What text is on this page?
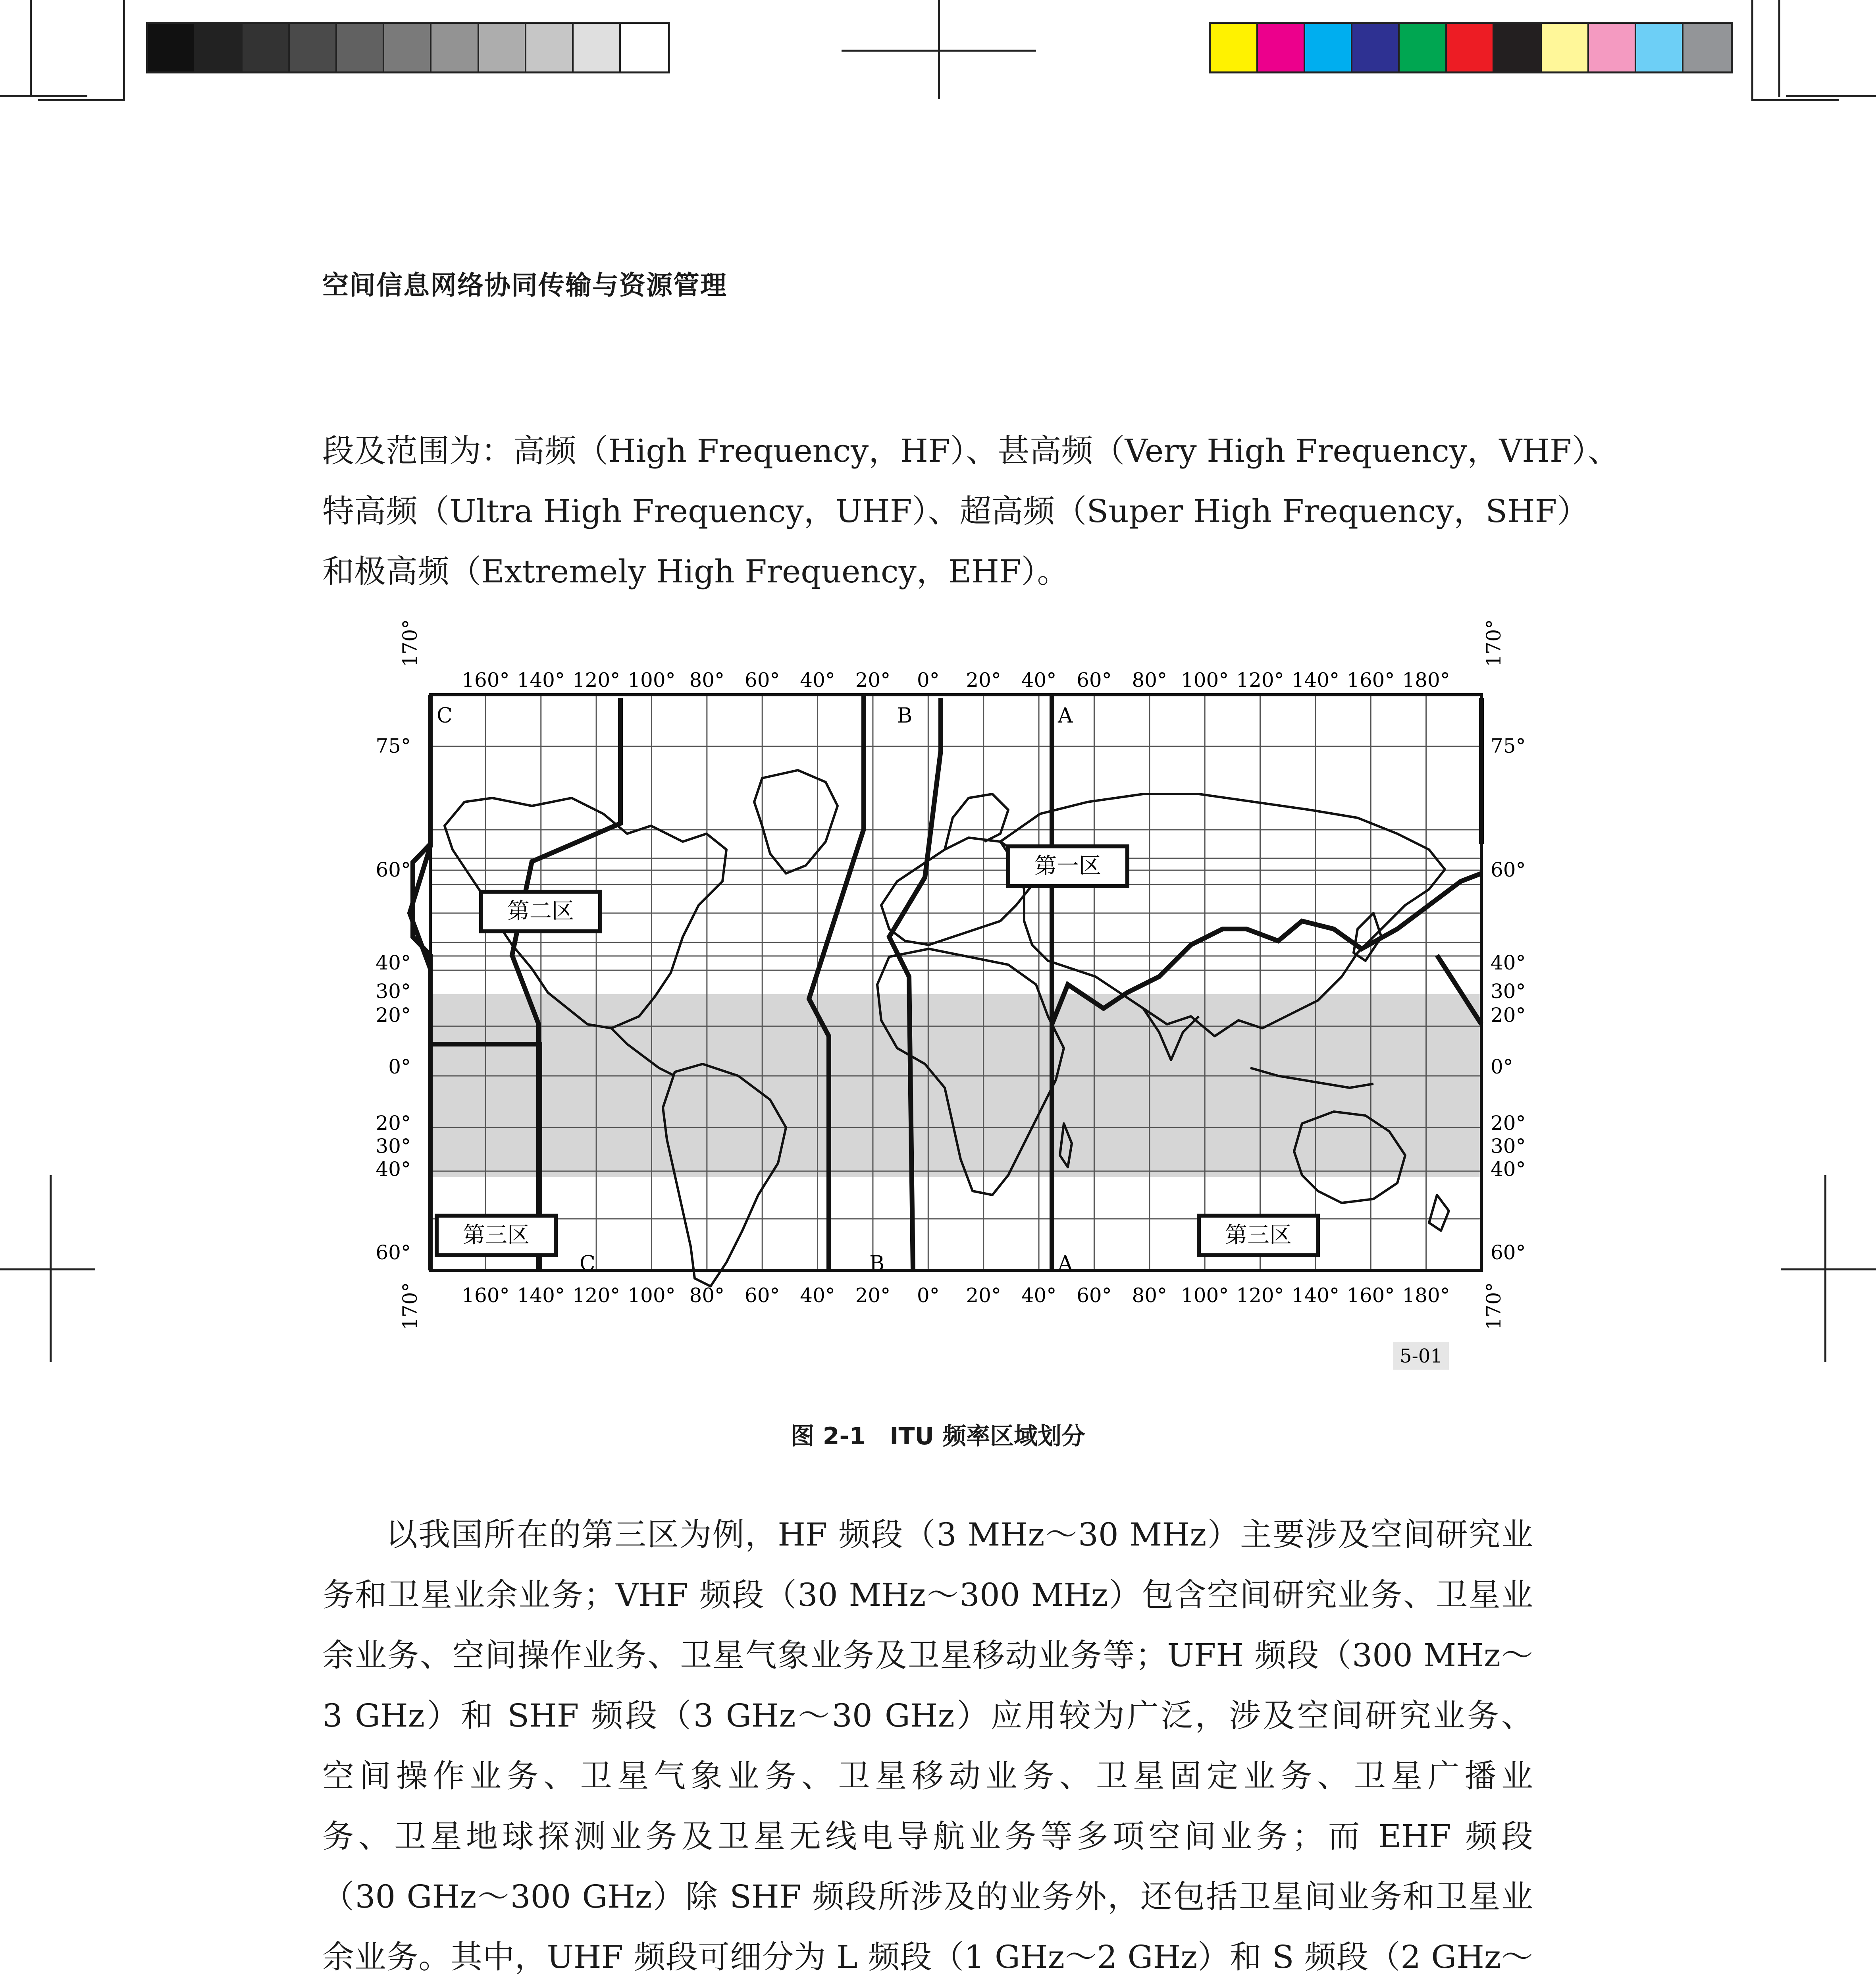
空间信息网络协同传输与资源管理
段及范围为：高频（High Frequency，HF）、甚高频（Very High Frequency，VHF）、
特高频（Ultra High Frequency，UHF）、超高频（Super High Frequency，SHF）
和极高频（Extremely High Frequency，EHF）。
160° 140° 120° 100° 80° 60° 40° 20° 0° 20° 40° 60° 80° 100° 120° 140° 160° 180°
160° 140° 120° 100° 80° 60° 40° 20° 0° 20° 40° 60° 80° 100° 120° 140° 160° 180°
75°
60°
40°
30°
20°
0°
20°
30°
40°
60°
75°
60°
40°
30°
20°
0°
20°
30°
40°
60°
170°	170°
170°	170°
C	B	A
C	B	A
第一区
第二区
第三区	第三区
5-01
图 2-1　ITU 频率区域划分
以我国所在的第三区为例，HF 频段（3 MHz～30 MHz）主要涉及空间研究业
务和卫星业余业务；VHF 频段（30 MHz～300 MHz）包含空间研究业务、卫星业
余业务、空间操作业务、卫星气象业务及卫星移动业务等；UFH 频段（300 MHz～
3 GHz）和 SHF 频段（3 GHz～30 GHz）应用较为广泛，涉及空间研究业务、
空间操作业务、卫星气象业务、卫星移动业务、卫星固定业务、卫星广播业
务、卫星地球探测业务及卫星无线电导航业务等多项空间业务；而 EHF 频段
（30 GHz～300 GHz）除 SHF 频段所涉及的业务外，还包括卫星间业务和卫星业
余业务。其中，UHF 频段可细分为 L 频段（1 GHz～2 GHz）和 S 频段（2 GHz～
